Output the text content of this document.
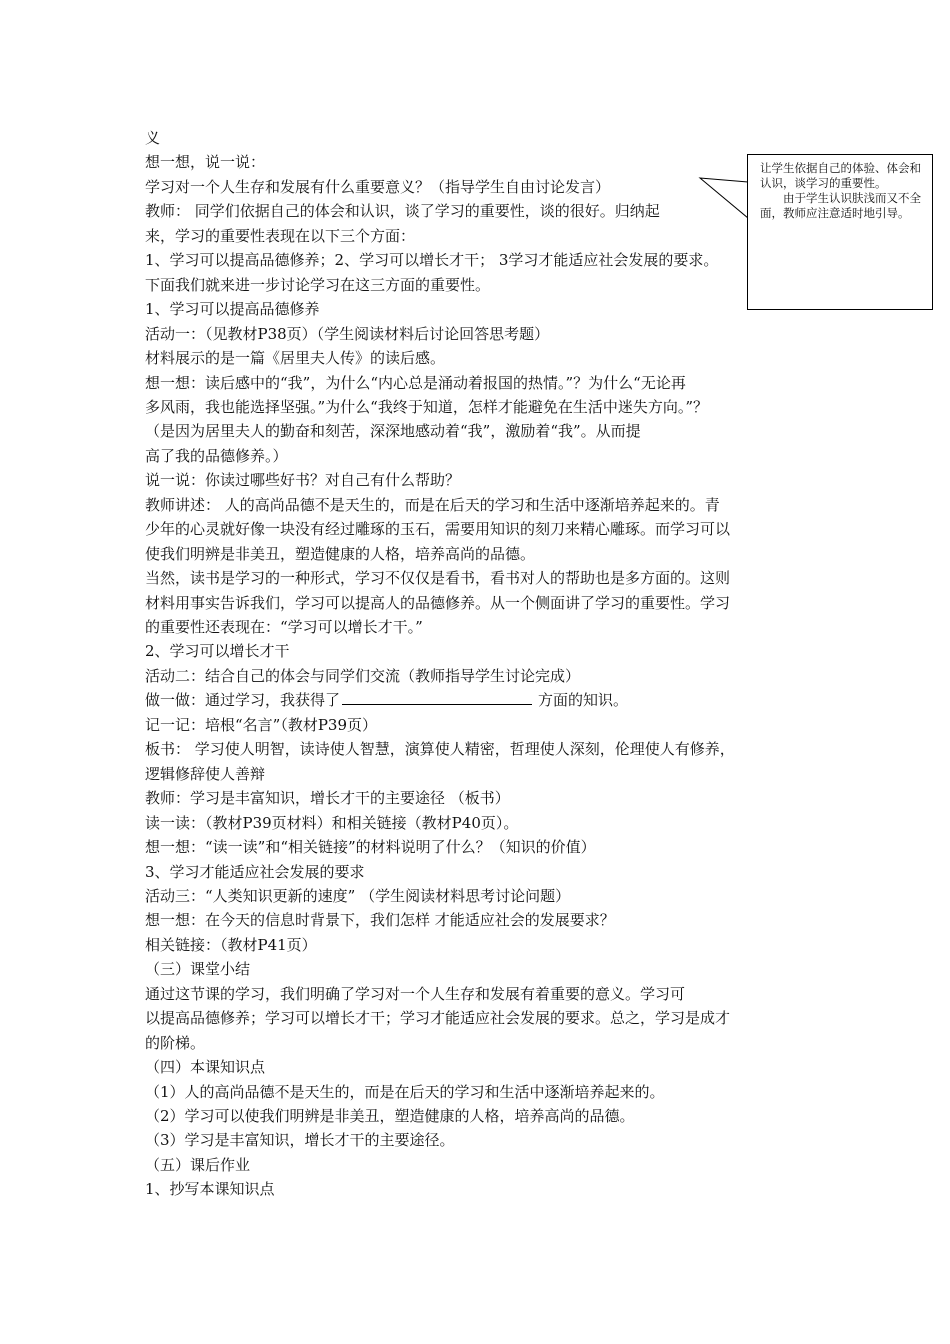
义
想一想，说一说：
学习对一个人生存和发展有什么重要意义？（指导学生自由讨论发言）
教师： 同学们依据自己的体会和认识，谈了学习的重要性，谈的很好。归纳起
来，学习的重要性表现在以下三个方面：
1、学习可以提高品德修养；2、学习可以增长才干； 3学习才能适应社会发展的要求。
下面我们就来进一步讨论学习在这三方面的重要性。
1、学习可以提高品德修养
活动一：（见教材P38页）（学生阅读材料后讨论回答思考题）
材料展示的是一篇《居里夫人传》的读后感。
想一想：读后感中的“我”，为什么“内心总是涌动着报国的热情。”？为什么“无论再
多风雨，我也能选择坚强。”为什么“我终于知道，怎样才能避免在生活中迷失方向。”？
（是因为居里夫人的勤奋和刻苦，深深地感动着“我”，激励着“我”。从而提
高了我的品德修养。）
说一说：你读过哪些好书？对自己有什么帮助？
教师讲述： 人的高尚品德不是天生的，而是在后天的学习和生活中逐渐培养起来的。青
少年的心灵就好像一块没有经过雕琢的玉石，需要用知识的刻刀来精心雕琢。而学习可以
使我们明辨是非美丑，塑造健康的人格，培养高尚的品德。
当然，读书是学习的一种形式，学习不仅仅是看书，看书对人的帮助也是多方面的。这则
材料用事实告诉我们，学习可以提高人的品德修养。从一个侧面讲了学习的重要性。学习
的重要性还表现在：“学习可以增长才干。”
2、学习可以增长才干
活动二：结合自己的体会与同学们交流（教师指导学生讨论完成）
做一做：通过学习，我获得了	方面的知识。
记一记：培根“名言”（教材P39页）
板书： 学习使人明智，读诗使人智慧，演算使人精密，哲理使人深刻，伦理使人有修养，
逻辑修辞使人善辩
教师：学习是丰富知识，增长才干的主要途径 （板书）
读一读：（教材P39页材料）和相关链接（教材P40页）。
想一想：“读一读”和“相关链接”的材料说明了什么？（知识的价值）
3、学习才能适应社会发展的要求
活动三：“人类知识更新的速度” （学生阅读材料思考讨论问题）
想一想：在今天的信息时背景下，我们怎样 才能适应社会的发展要求？
相关链接：（教材P41页）
（三）课堂小结
通过这节课的学习，我们明确了学习对一个人生存和发展有着重要的意义。学习可
以提高品德修养；学习可以增长才干；学习才能适应社会发展的要求。总之，学习是成才
的阶梯。
（四）本课知识点
（1）人的高尚品德不是天生的，而是在后天的学习和生活中逐渐培养起来的。
（2）学习可以使我们明辨是非美丑，塑造健康的人格，培养高尚的品德。
（3）学习是丰富知识，增长才干的主要途径。
（五）课后作业
1、抄写本课知识点

让学生依据自己的体验、体会和认识，谈学习的重要性。

由于学生认识肤浅而又不全面，教师应注意适时地引导。
